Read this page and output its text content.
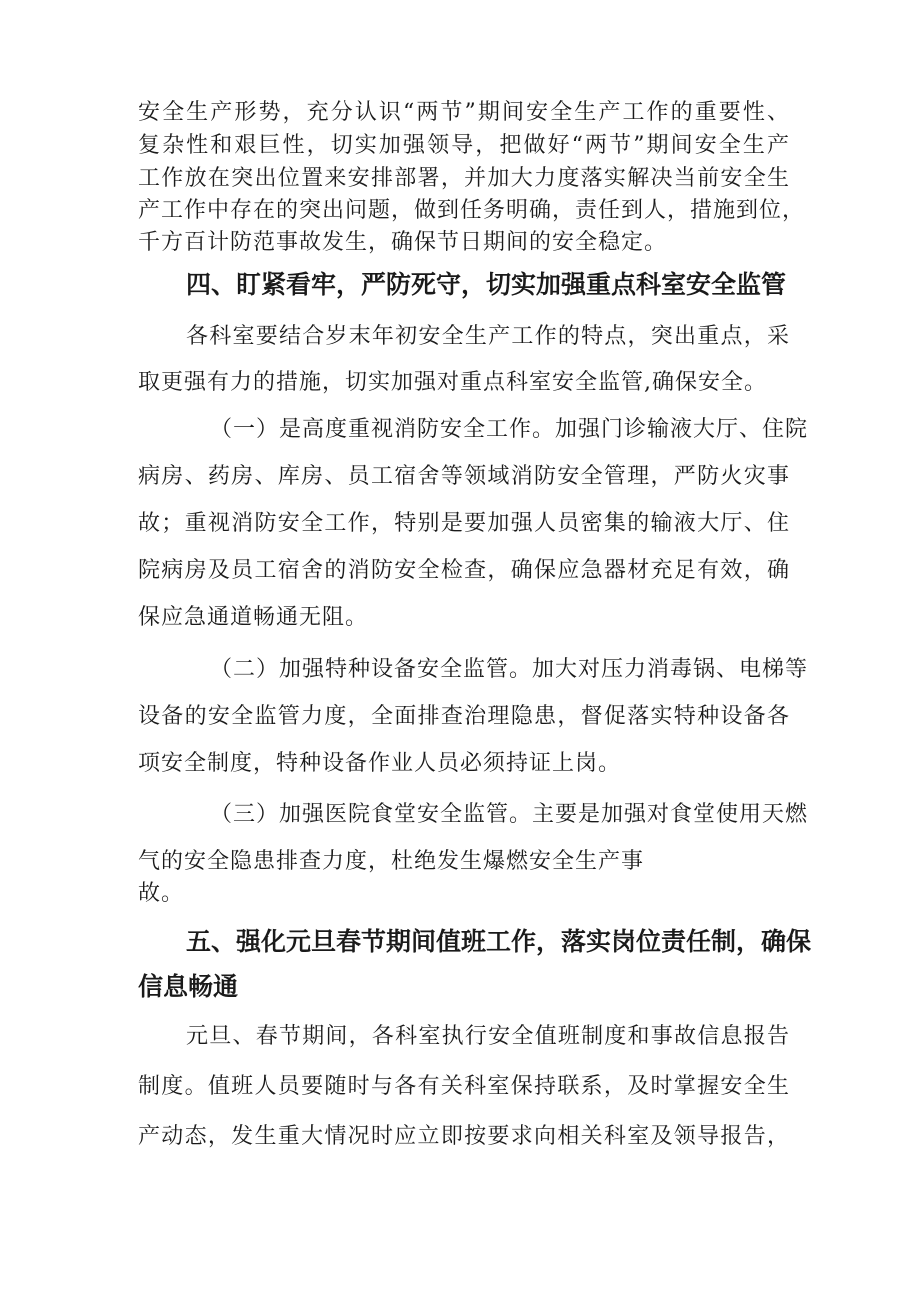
安全生产形势，充分认识“两节”期间安全生产工作的重要性、
复杂性和艰巨性，切实加强领导，把做好“两节”期间安全生产
工作放在突出位置来安排部署，并加大力度落实解决当前安全生
产工作中存在的突出问题，做到任务明确，责任到人，措施到位，
千方百计防范事故发生，确保节日期间的安全稳定。
四、盯紧看牢，严防死守，切实加强重点科室安全监管
各科室要结合岁末年初安全生产工作的特点，突出重点，采
取更强有力的措施，切实加强对重点科室安全监管,确保安全。
（一）是高度重视消防安全工作。加强门诊输液大厅、住院
病房、药房、库房、员工宿舍等领域消防安全管理，严防火灾事
故；重视消防安全工作，特别是要加强人员密集的输液大厅、住
院病房及员工宿舍的消防安全检查，确保应急器材充足有效，确
保应急通道畅通无阻。
（二）加强特种设备安全监管。加大对压力消毒锅、电梯等
设备的安全监管力度，全面排查治理隐患，督促落实特种设备各
项安全制度，特种设备作业人员必须持证上岗。
（三）加强医院食堂安全监管。主要是加强对食堂使用天燃
气的安全隐患排查力度，杜绝发生爆燃安全生产事
故。
五、强化元旦春节期间值班工作，落实岗位责任制，确保
信息畅通
元旦、春节期间，各科室执行安全值班制度和事故信息报告
制度。值班人员要随时与各有关科室保持联系，及时掌握安全生
产动态，发生重大情况时应立即按要求向相关科室及领导报告，
